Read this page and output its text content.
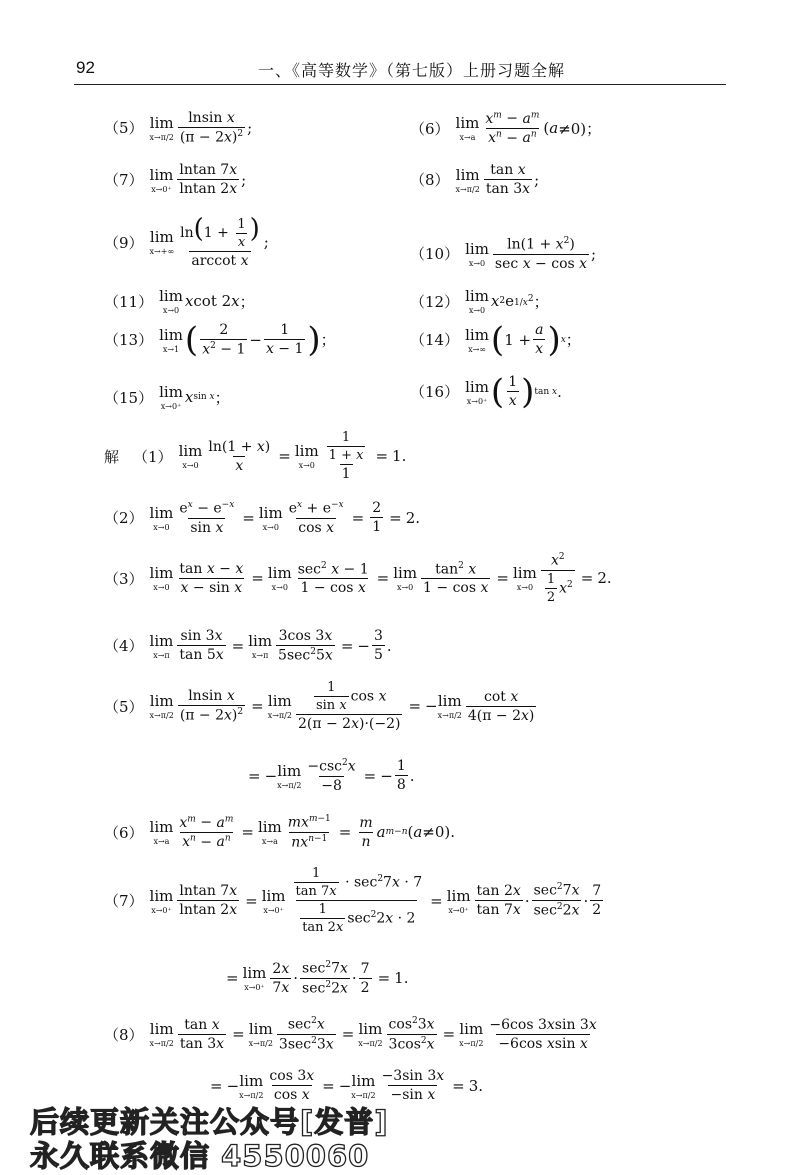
92	一、《高等数学》（第七版）上册习题全解
（5） lim
x→π/2
lnsin x
$(\pi - 2x)^2$ ;	（6） lim
x→a
$x^m - a^m$
$x^n - a^n$ ( a ≠0)；
（7） lim
x→0⁺
lntan 7x
lntan 2x
;	（8） lim
x→π/2
tan x
tan 3x
;
（9） lim
x→+∞
$\ln(1 + \frac{1}{x}$ )
arccot x
;
（10） lim
x→0
$\ln(1 + x^2)$
sec x − cos x
;
（11） lim
x→0
x cot 2 x ；	（12） lim
x→0
x 2 e $1/x^2$ ；
（13） lim
x→1 ( 2
$x^2 - 1$
−
1
x − 1 ) ；	（14） lim
x→∞ ( 1 +
a
x ) x ；
（15） lim
x→0⁺
x sin x ；	（16） lim
x→0⁺ ( 1
x ) tan x .
解 （1） lim
$x\to 0 \frac{\ln(1 + x)}{x} = \lim$
$x\to 0 \frac{\frac{1}{1 + x}}{1} = 1$.
（2） lim
$x\to 0 \frac{e^x - e^{-x}}{\text{sin x}} = \lim$
$x\to 0 \frac{e^x + e^{-x}}{\text{cos x}} = \frac{2}{1} = 2$.
（3） lim
$x\to 0 \frac{\text{tan x − x}}{\text{x − sin x}} = \lim$
x→0
$\sec^2 x - 1$
1 − cos x
= lim
$x\to 0 \frac{\tan^2 x}{\text{1 − cos x}} = \lim$
$x\to 0 \frac{x^2}{\frac{1}{2} x^2} = 2$.
（4） lim
$x\to\pi \frac{\sin 3x}{\tan 5x} = \lim$
x→π
3cos 3x
$5\sec^25x$
= − $\frac{3}{5}$ .
（5） lim
$x\to\pi/2 \frac{\text{lnsin x}}{(\pi - 2x)^2} = \lim$
$x\to\pi/2 \frac{\frac{1}{\text{sin x}} \cos x}{2(\pi - 2x)\cdot(-2)}$ = − lim
x→π/2
cot x
4(π − 2x)
= − lim
x→π/2
$-\csc^2x$
−8
= − $\frac{1}{8}$ .
（6） lim
$x\to a \frac{x^m - a^m}{x^n - a^n} = \lim$
x→a
$mx^{m-1}$
$nx^{n-1} = \frac{m}{n}$ a m−n ( a ≠0).
（7） lim
$x\to 0^+ \frac{lntan 7x}{lntan 2x} = \lim$
x→0⁺
$\frac{1}{\tan 7x} \cdot \sec^27x \cdot 7$
$\frac{1}{\tan 2x} \sec^22x \cdot 2$
= lim
x→0⁺
tan 2x
tan 7x
·
$\sec^27x$
$\sec^22x$
·
7
2
= lim
x→0⁺
2x
7x
·
$\sec^27x$
$\sec^22x$
· $\frac{7}{2} = 1$.
（8） lim
$x\to\pi/2 \frac{\text{tan x}}{\tan 3x} = \lim$
x→π/2
$\sec^2x$
$3\sec^23x$
= lim
$x\to\pi/2 \frac{\cos^23x}{3\cos^2x} = \lim$
x→π/2
−6cos 3xsin 3x
−6cos xsin x
= − lim
$x\to\pi/2 \frac{\cos 3x}{\text{cos x}}$ = − lim
$x\to\pi/2 \frac{-3\sin 3x}{\text{−sin x}} = 3$.
后续更新关注公众号[发普]
永久联系微信 4550060
